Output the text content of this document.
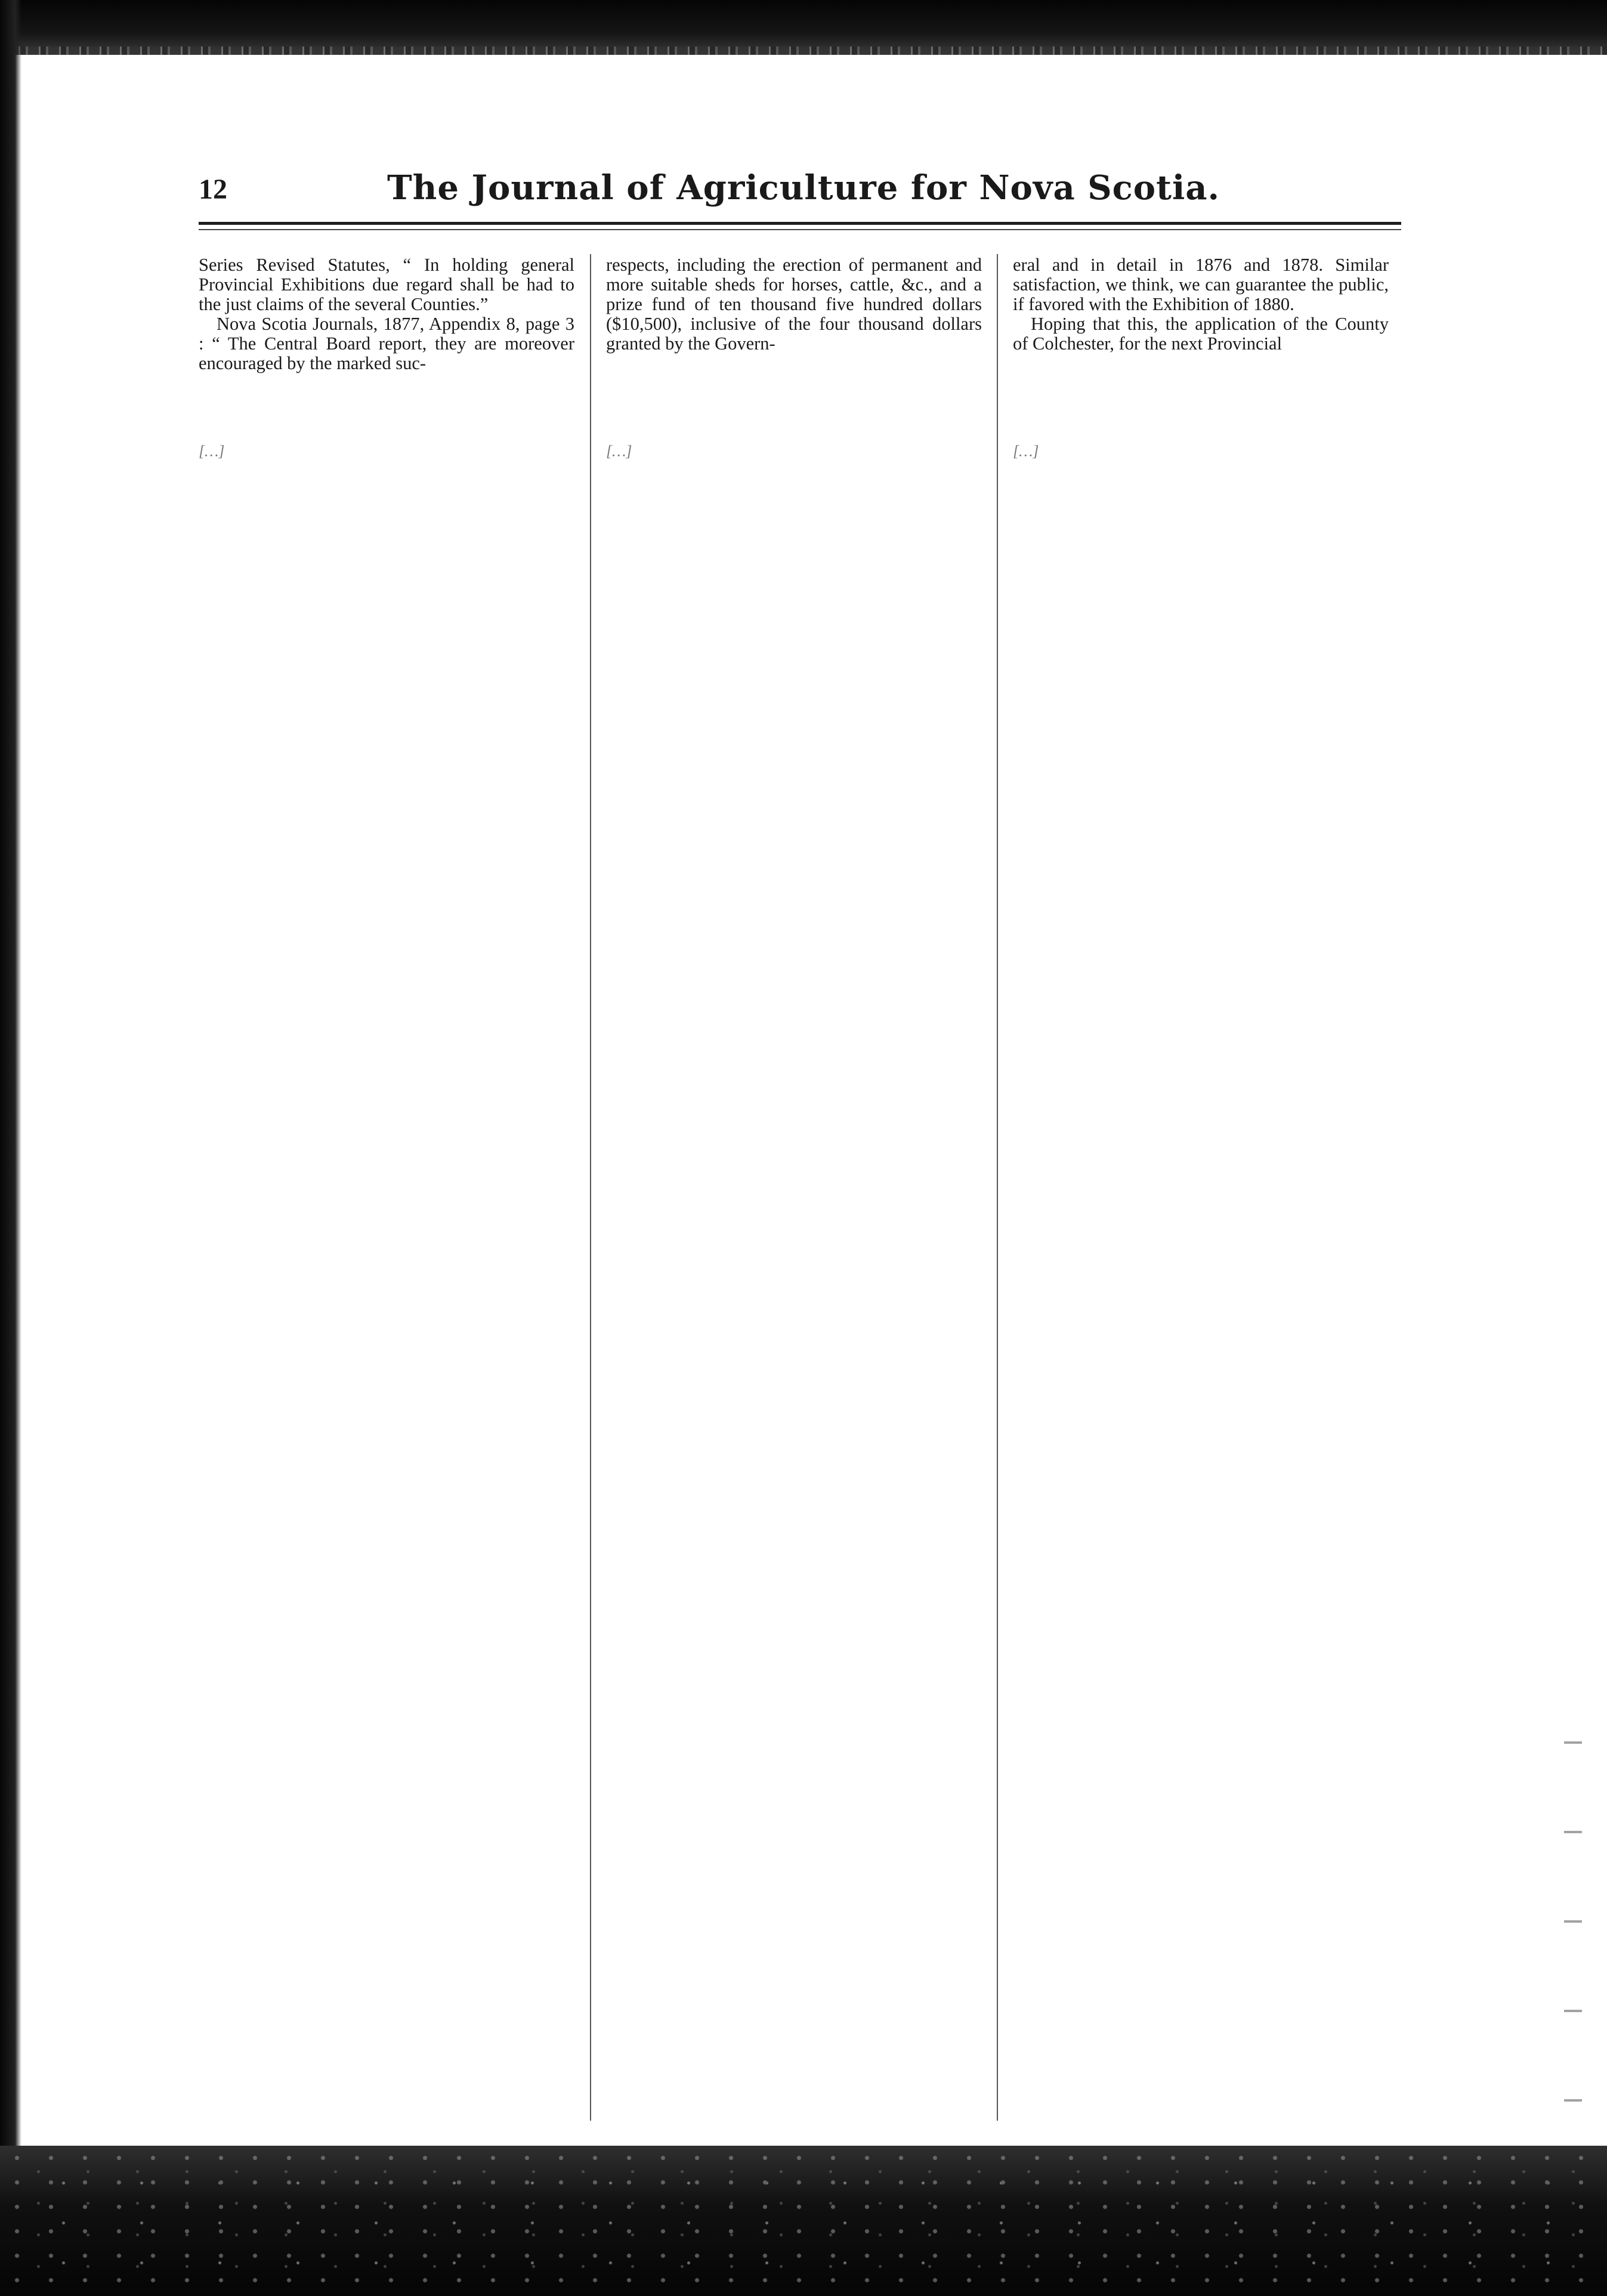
12	The Journal of Agriculture for Nova Scotia.

Series Revised Statutes, “ In holding general Provincial Exhibitions due regard shall be had to the just claims of the several Counties.”

Nova Scotia Journals, 1877, Appendix 8, page 3 : “ The Central Board report, they are moreover encouraged by the marked suc-

respects, including the erection of permanent and more suitable sheds for horses, cattle, &c., and a prize fund of ten thousand five hundred dollars ($10,500), inclusive of the four thousand dollars granted by the Govern-

eral and in detail in 1876 and 1878. Similar satisfaction, we think, we can guarantee the public, if favored with the Exhibition of 1880.

Hoping that this, the application of the County of Colchester, for the next Provincial

[…]	[…]	[…]
